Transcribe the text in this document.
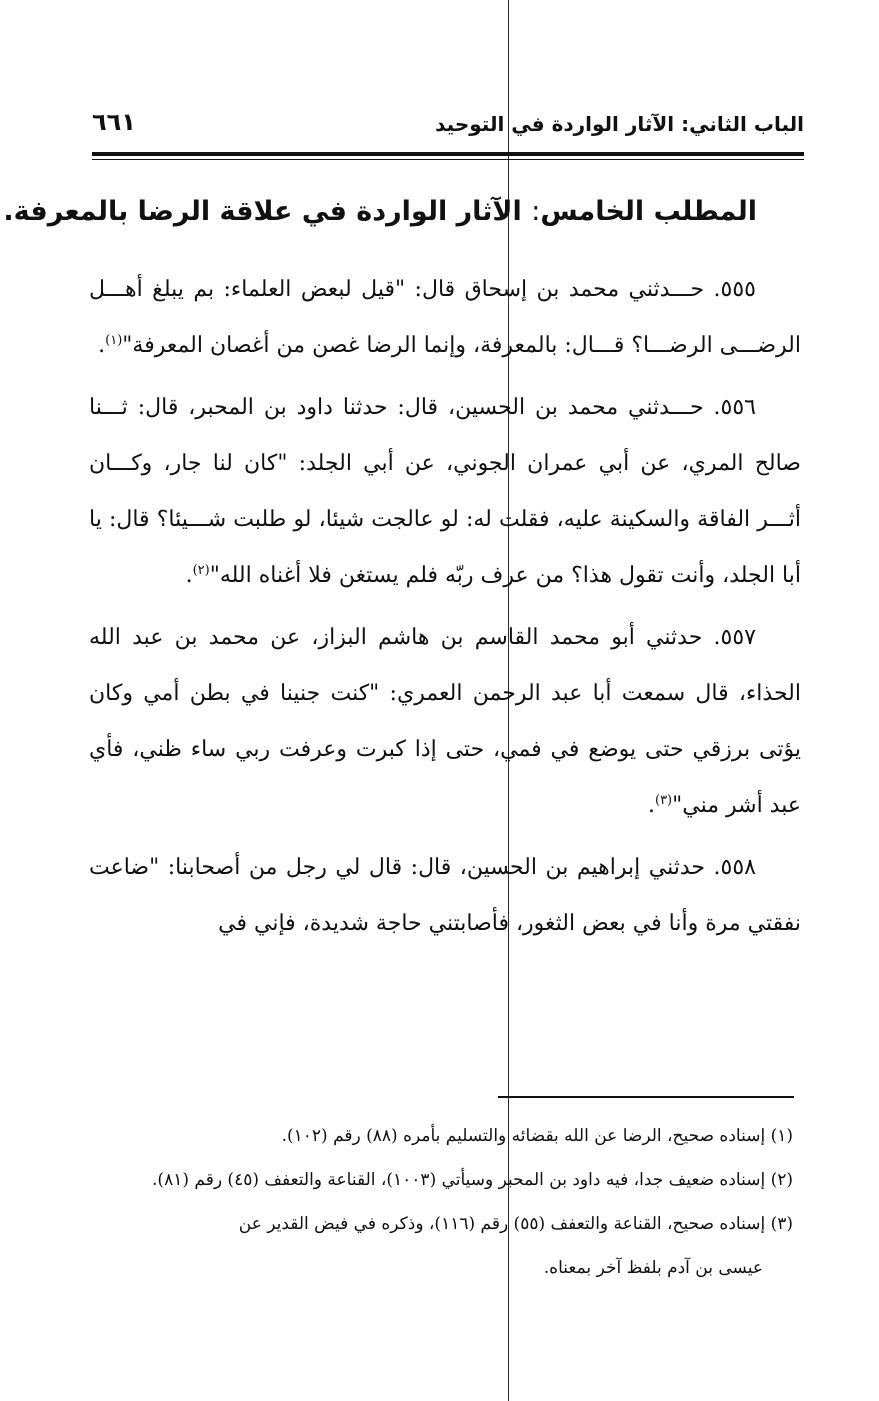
الباب الثاني: الآثار الواردة في التوحيد
٦٦١
المطلب الخامس: الآثار الواردة في علاقة الرضا بالمعرفة.

٥٥٥. حـــدثني محمد بن إسحاق قال: "قيل لبعض العلماء: بم يبلغ أهـــل الرضـــى الرضـــا؟ قـــال: بالمعرفة، وإنما الرضا غصن من أغصان المعرفة"$^{(١)}$.

٥٥٦. حـــدثني محمد بن الحسين، قال: حدثنا داود بن المحبر، قال: ثـــنا صالح المري، عن أبي عمران الجوني، عن أبي الجلد: "كان لنا جار، وكـــان أثـــر الفاقة والسكينة عليه، فقلت له: لو عالجت شيئا، لو طلبت شـــيئا؟ قال: يا أبا الجلد، وأنت تقول هذا؟ من عرف ربّه فلم يستغن فلا أغناه الله"$^{(٢)}$.

٥٥٧. حدثني أبو محمد القاسم بن هاشم البزاز، عن محمد بن عبد الله الحذاء، قال سمعت أبا عبد الرحمن العمري: "كنت جنينا في بطن أمي وكان يؤتى برزقي حتى يوضع في فمي، حتى إذا كبرت وعرفت ربي ساء ظني، فأي عبد أشر مني"$^{(٣)}$.

٥٥٨. حدثني إبراهيم بن الحسين، قال: قال لي رجل من أصحابنا: "ضاعت نفقتي مرة وأنا في بعض الثغور، فأصابتني حاجة شديدة، فإني في

(١) إسناده صحيح، الرضا عن الله بقضائه والتسليم بأمره (٨٨) رقم (١٠٢).

(٢) إسناده ضعيف جدا، فيه داود بن المحبر وسيأتي (١٠٠٣)، القناعة والتعفف (٤٥) رقم (٨١).

(٣) إسناده صحيح، القناعة والتعفف (٥٥) رقم (١١٦)، وذكره في فيض القدير عن

عيسى بن آدم بلفظ آخر بمعناه.
